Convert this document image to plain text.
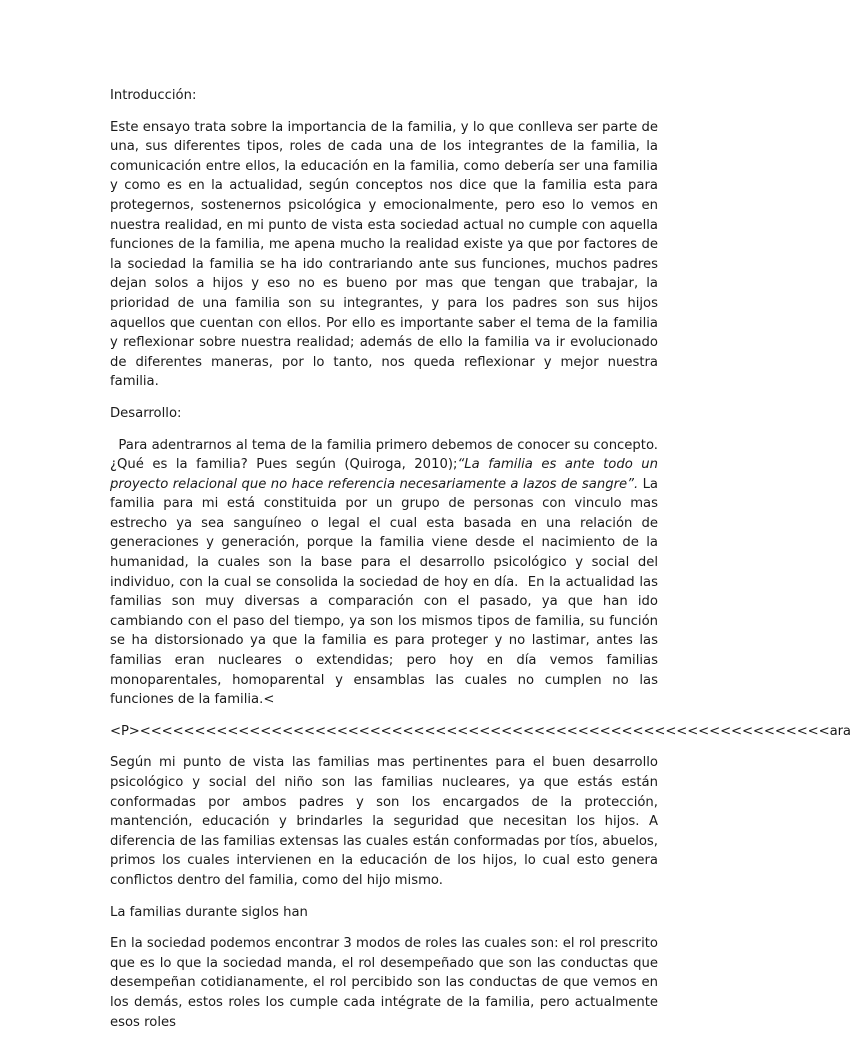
Introducción:

Este ensayo trata sobre la importancia de la familia, y lo que conlleva ser parte de una, sus diferentes tipos, roles de cada una de los integrantes de la familia, la comunicación entre ellos, la educación en la familia, como debería ser una familia y como es en la actualidad, según conceptos nos dice que la familia esta para protegernos, sostenernos psicológica y emocionalmente, pero eso lo vemos en nuestra realidad, en mi punto de vista esta sociedad actual no cumple con aquella funciones de la familia, me apena mucho la realidad existe ya que por factores de la sociedad la familia se ha ido contrariando ante sus funciones, muchos padres dejan solos a hijos y eso no es bueno por mas que tengan que trabajar, la prioridad de una familia son su integrantes, y para los padres son sus hijos aquellos que cuentan con ellos. Por ello es importante saber el tema de la familia y reflexionar sobre nuestra realidad; además de ello la familia va ir evolucionado de diferentes maneras, por lo tanto, nos queda reflexionar y mejor nuestra familia.

Desarrollo:

Para adentrarnos al tema de la familia primero debemos de conocer su concepto. ¿Qué es la familia? Pues según (Quiroga, 2010);“La familia es ante todo un proyecto relacional que no hace referencia necesariamente a lazos de sangre”. La familia para mi está constituida por un grupo de personas con vinculo mas estrecho ya sea sanguíneo o legal el cual esta basada en una relación de generaciones y generación, porque la familia viene desde el nacimiento de la humanidad, la cuales son la base para el desarrollo psicológico y social del individuo, con la cual se consolida la sociedad de hoy en día.  En la actualidad las familias son muy diversas a comparación con el pasado, ya que han ido cambiando con el paso del tiempo, ya son los mismos tipos de familia, su función se ha distorsionado ya que la familia es para proteger y no lastimar, antes las familias eran nucleares o extendidas; pero hoy en día vemos familias monoparentales, homoparental y ensamblas las cuales no cumplen no las funciones de la familia.<

<P><<<<<<<<<<<<<<<<<<<<<<<<<<<<<<<<<<<<<<<<<<<<<<<<<<<<<<<<<<<<<<<ara

Según mi punto de vista las familias mas pertinentes para el buen desarrollo psicológico y social del niño son las familias nucleares, ya que estás están conformadas por ambos padres y son los encargados de la protección, mantención, educación y brindarles la seguridad que necesitan los hijos. A diferencia de las familias extensas las cuales están conformadas por tíos, abuelos, primos los cuales intervienen en la educación de los hijos, lo cual esto genera conflictos dentro del familia, como del hijo mismo.

La familias durante siglos han

En la sociedad podemos encontrar 3 modos de roles las cuales son: el rol prescrito que es lo que la sociedad manda, el rol desempeñado que son las conductas que desempeñan cotidianamente, el rol percibido son las conductas de que vemos en los demás, estos roles los cumple cada intégrate de la familia, pero actualmente esos roles
